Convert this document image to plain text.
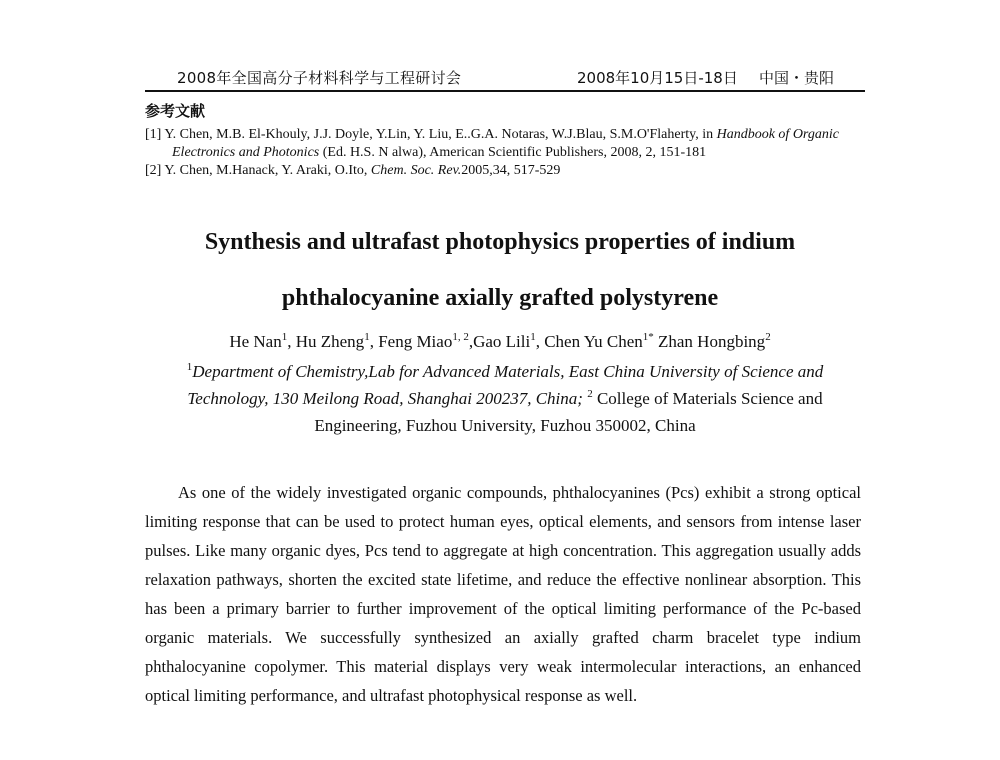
2008年全国高分子材料科学与工程研讨会	2008年10月15日-18日 中国・贵阳
参考文献

[1] Y. Chen, M.B. El-Khouly, J.J. Doyle, Y.Lin, Y. Liu, E..G.A. Notaras, W.J.Blau, S.M.O'Flaherty, in Handbook of Organic Electronics and Photonics (Ed. H.S. N alwa), American Scientific Publishers, 2008, 2, 151-181

[2] Y. Chen, M.Hanack, Y. Araki, O.Ito, Chem. Soc. Rev.2005,34, 517-529

Synthesis and ultrafast photophysics properties of indium
phthalocyanine axially grafted polystyrene
He Nan$^1$, Hu Zheng$^1$, Feng Miao$^{1, 2}$,Gao Lili$^1$, Chen Yu Chen$^{1*}$ Zhan Hongbing$^2$
$^1$Department of Chemistry,Lab for Advanced Materials, East China University of Science and
Technology, 130 Meilong Road, Shanghai 200237, China; $^2$ College of Materials Science and
Engineering, Fuzhou University, Fuzhou 350002, China

As one of the widely investigated organic compounds, phthalocyanines (Pcs) exhibit a strong optical limiting response that can be used to protect human eyes, optical elements, and sensors from intense laser pulses. Like many organic dyes, Pcs tend to aggregate at high concentration. This aggregation usually adds relaxation pathways, shorten the excited state lifetime, and reduce the effective nonlinear absorption. This has been a primary barrier to further improvement of the optical limiting performance of the Pc-based organic materials. We successfully synthesized an axially grafted charm bracelet type indium phthalocyanine copolymer. This material displays very weak intermolecular interactions, an enhanced optical limiting performance, and ultrafast photophysical response as well.
